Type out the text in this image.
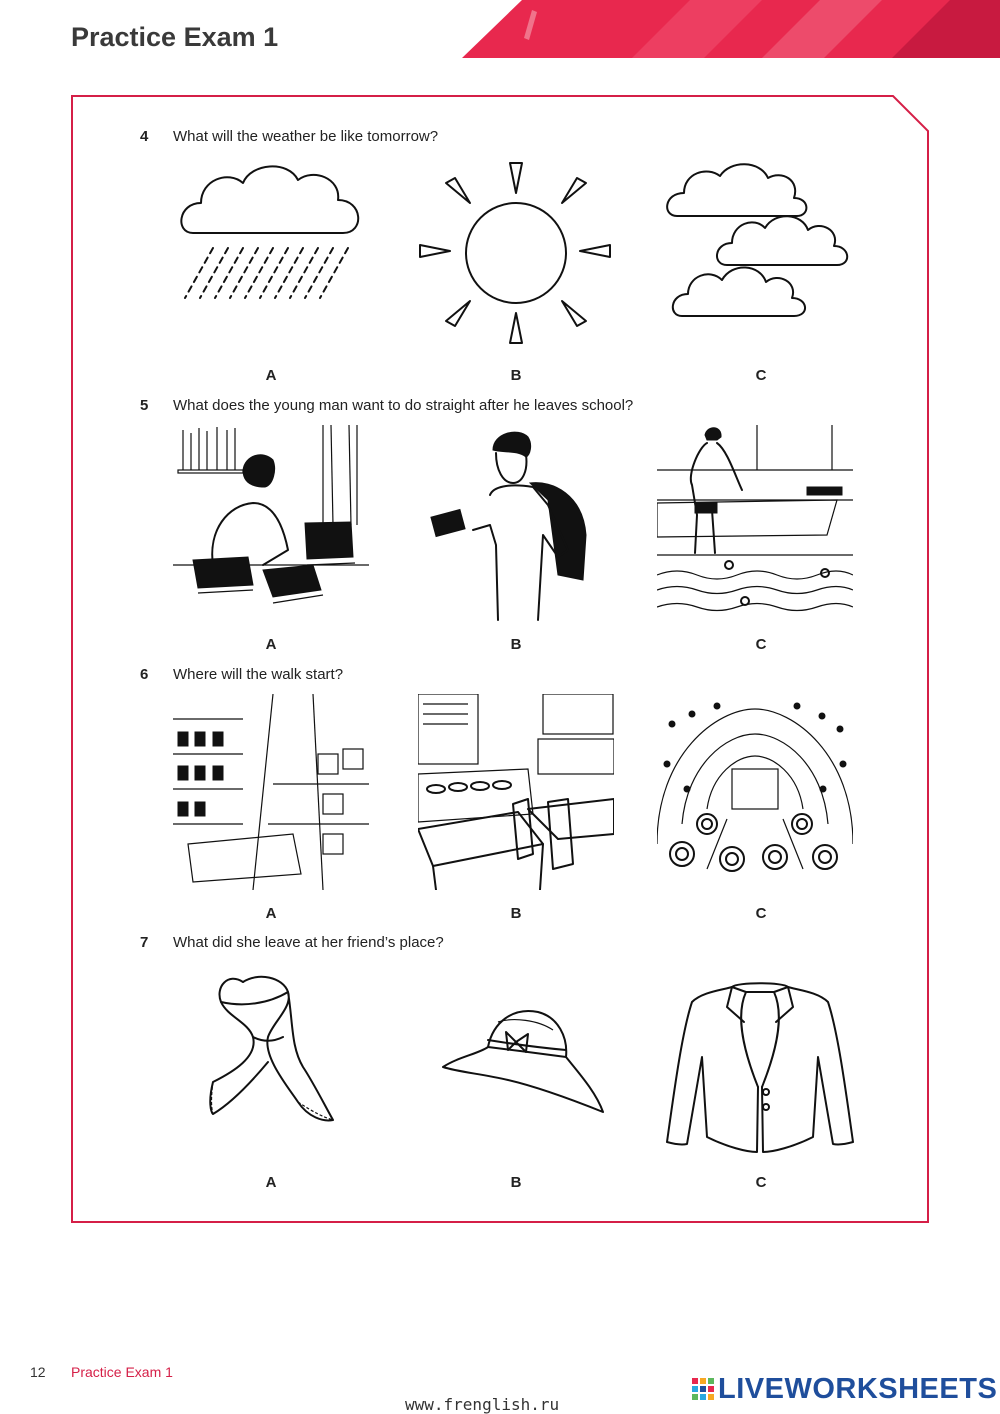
Practice Exam 1
4 What will the weather be like tomorrow?
A	B	C
5 What does the young man want to do straight after he leaves school?
A	B	C
6 Where will the walk start?
A	B	C
7 What did she leave at her friend’s place?
A	B	C
12 Practice Exam 1
LIVEWORKSHEETS
www.frenglish.ru
